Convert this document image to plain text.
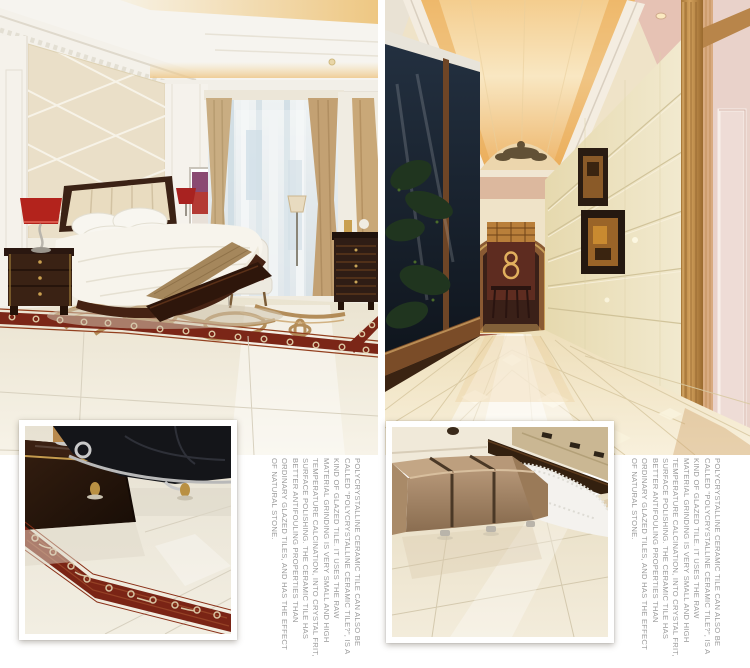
POLYCRYSTALLINE CERAMIC TILE CAN ALSO BE
CALLED "POLYCRYSTALLINE CERAMIC TILE?", IS A
KIND OF GLAZED TILE. IT USES THE RAW
MATERIAL GRINDING IS VERY SMALL AND HIGH
TEMPERATURE CALCINATION, INTO CRYSTAL FRIT,
SURFACE POLISHING. THE CERAMIC TILE HAS
BETTER ANTIFOULING PROPERTIES THAN
ORDINARY GLAZED TILES, AND HAS THE EFFECT
OF NATURAL STONE.	POLYCRYSTALLINE CERAMIC TILE CAN ALSO BE
CALLED "POLYCRYSTALLINE CERAMIC TILE?", IS A
KIND OF GLAZED TILE. IT USES THE RAW
MATERIAL GRINDING IS VERY SMALL AND HIGH
TEMPERATURE CALCINATION, INTO CRYSTAL FRIT,
SURFACE POLISHING. THE CERAMIC TILE HAS
BETTER ANTIFOULING PROPERTIES THAN
ORDINARY GLAZED TILES, AND HAS THE EFFECT
OF NATURAL STONE.
